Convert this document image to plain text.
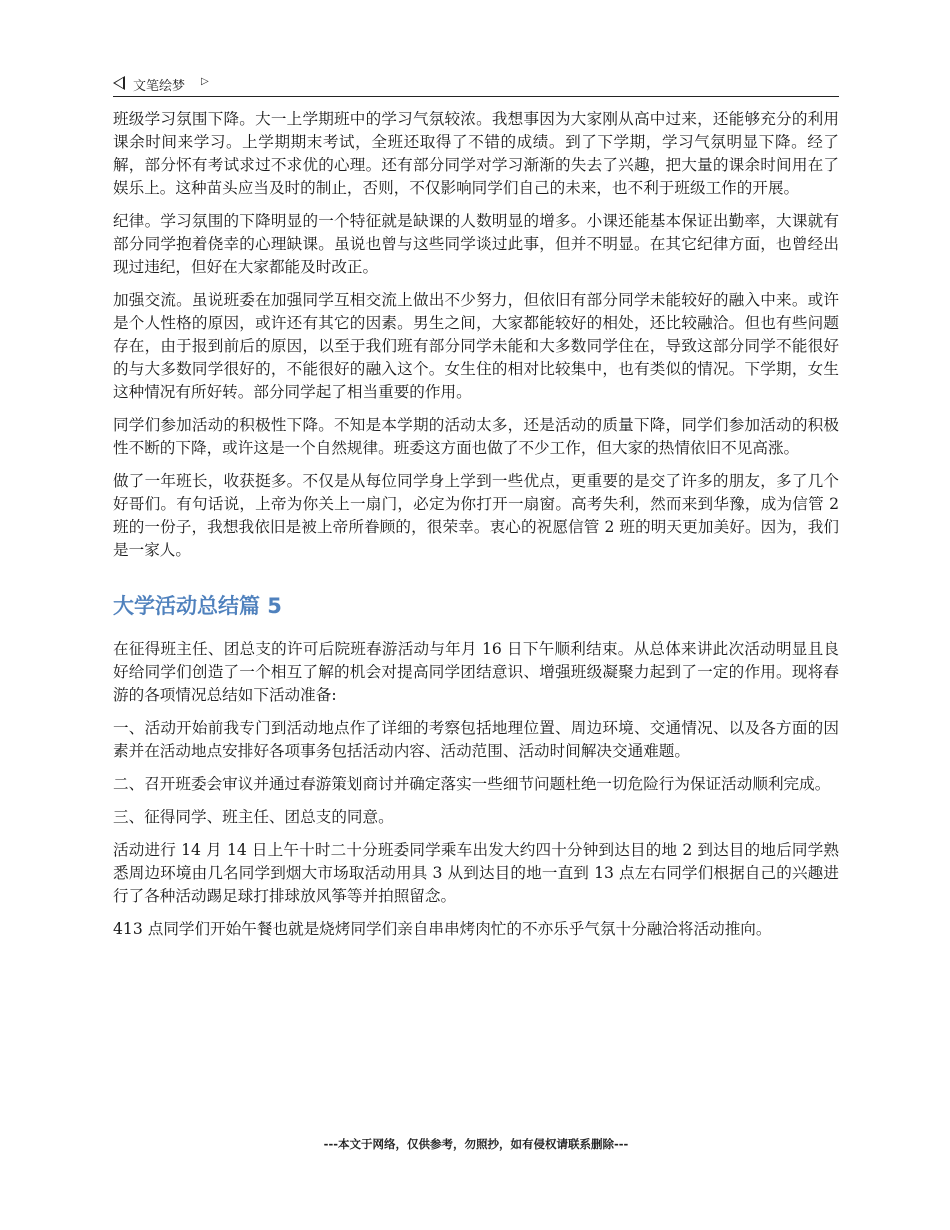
文笔绘梦 ▷

班级学习氛围下降。大一上学期班中的学习气氛较浓。我想事因为大家刚从高中过来，还能够充分的利用课余时间来学习。上学期期末考试，全班还取得了不错的成绩。到了下学期，学习气氛明显下降。经了解，部分怀有考试求过不求优的心理。还有部分同学对学习渐渐的失去了兴趣，把大量的课余时间用在了娱乐上。这种苗头应当及时的制止，否则，不仅影响同学们自己的未来，也不利于班级工作的开展。

纪律。学习氛围的下降明显的一个特征就是缺课的人数明显的增多。小课还能基本保证出勤率，大课就有部分同学抱着侥幸的心理缺课。虽说也曾与这些同学谈过此事，但并不明显。在其它纪律方面，也曾经出现过违纪，但好在大家都能及时改正。

加强交流。虽说班委在加强同学互相交流上做出不少努力，但依旧有部分同学未能较好的融入中来。或许是个人性格的原因，或许还有其它的因素。男生之间，大家都能较好的相处，还比较融洽。但也有些问题存在，由于报到前后的原因，以至于我们班有部分同学未能和大多数同学住在，导致这部分同学不能很好的与大多数同学很好的，不能很好的融入这个。女生住的相对比较集中，也有类似的情况。下学期，女生这种情况有所好转。部分同学起了相当重要的作用。

同学们参加活动的积极性下降。不知是本学期的活动太多，还是活动的质量下降，同学们参加活动的积极性不断的下降，或许这是一个自然规律。班委这方面也做了不少工作，但大家的热情依旧不见高涨。

做了一年班长，收获挺多。不仅是从每位同学身上学到一些优点，更重要的是交了许多的朋友，多了几个好哥们。有句话说，上帝为你关上一扇门，必定为你打开一扇窗。高考失利，然而来到华豫，成为信管 2 班的一份子，我想我依旧是被上帝所眷顾的，很荣幸。衷心的祝愿信管 2 班的明天更加美好。因为，我们是一家人。

大学活动总结篇 5

在征得班主任、团总支的许可后院班春游活动与年月 16 日下午顺利结束。从总体来讲此次活动明显且良好给同学们创造了一个相互了解的机会对提高同学团结意识、增强班级凝聚力起到了一定的作用。现将春游的各项情况总结如下活动准备:

一、活动开始前我专门到活动地点作了详细的考察包括地理位置、周边环境、交通情况、以及各方面的因素并在活动地点安排好各项事务包括活动内容、活动范围、活动时间解决交通难题。

二、召开班委会审议并通过春游策划商讨并确定落实一些细节问题杜绝一切危险行为保证活动顺利完成。

三、征得同学、班主任、团总支的同意。

活动进行 14 月 14 日上午十时二十分班委同学乘车出发大约四十分钟到达目的地 2 到达目的地后同学熟悉周边环境由几名同学到烟大市场取活动用具 3 从到达目的地一直到 13 点左右同学们根据自己的兴趣进行了各种活动踢足球打排球放风筝等并拍照留念。

413 点同学们开始午餐也就是烧烤同学们亲自串串烤肉忙的不亦乐乎气氛十分融洽将活动推向。

---本文于网络，仅供参考，勿照抄，如有侵权请联系删除---
